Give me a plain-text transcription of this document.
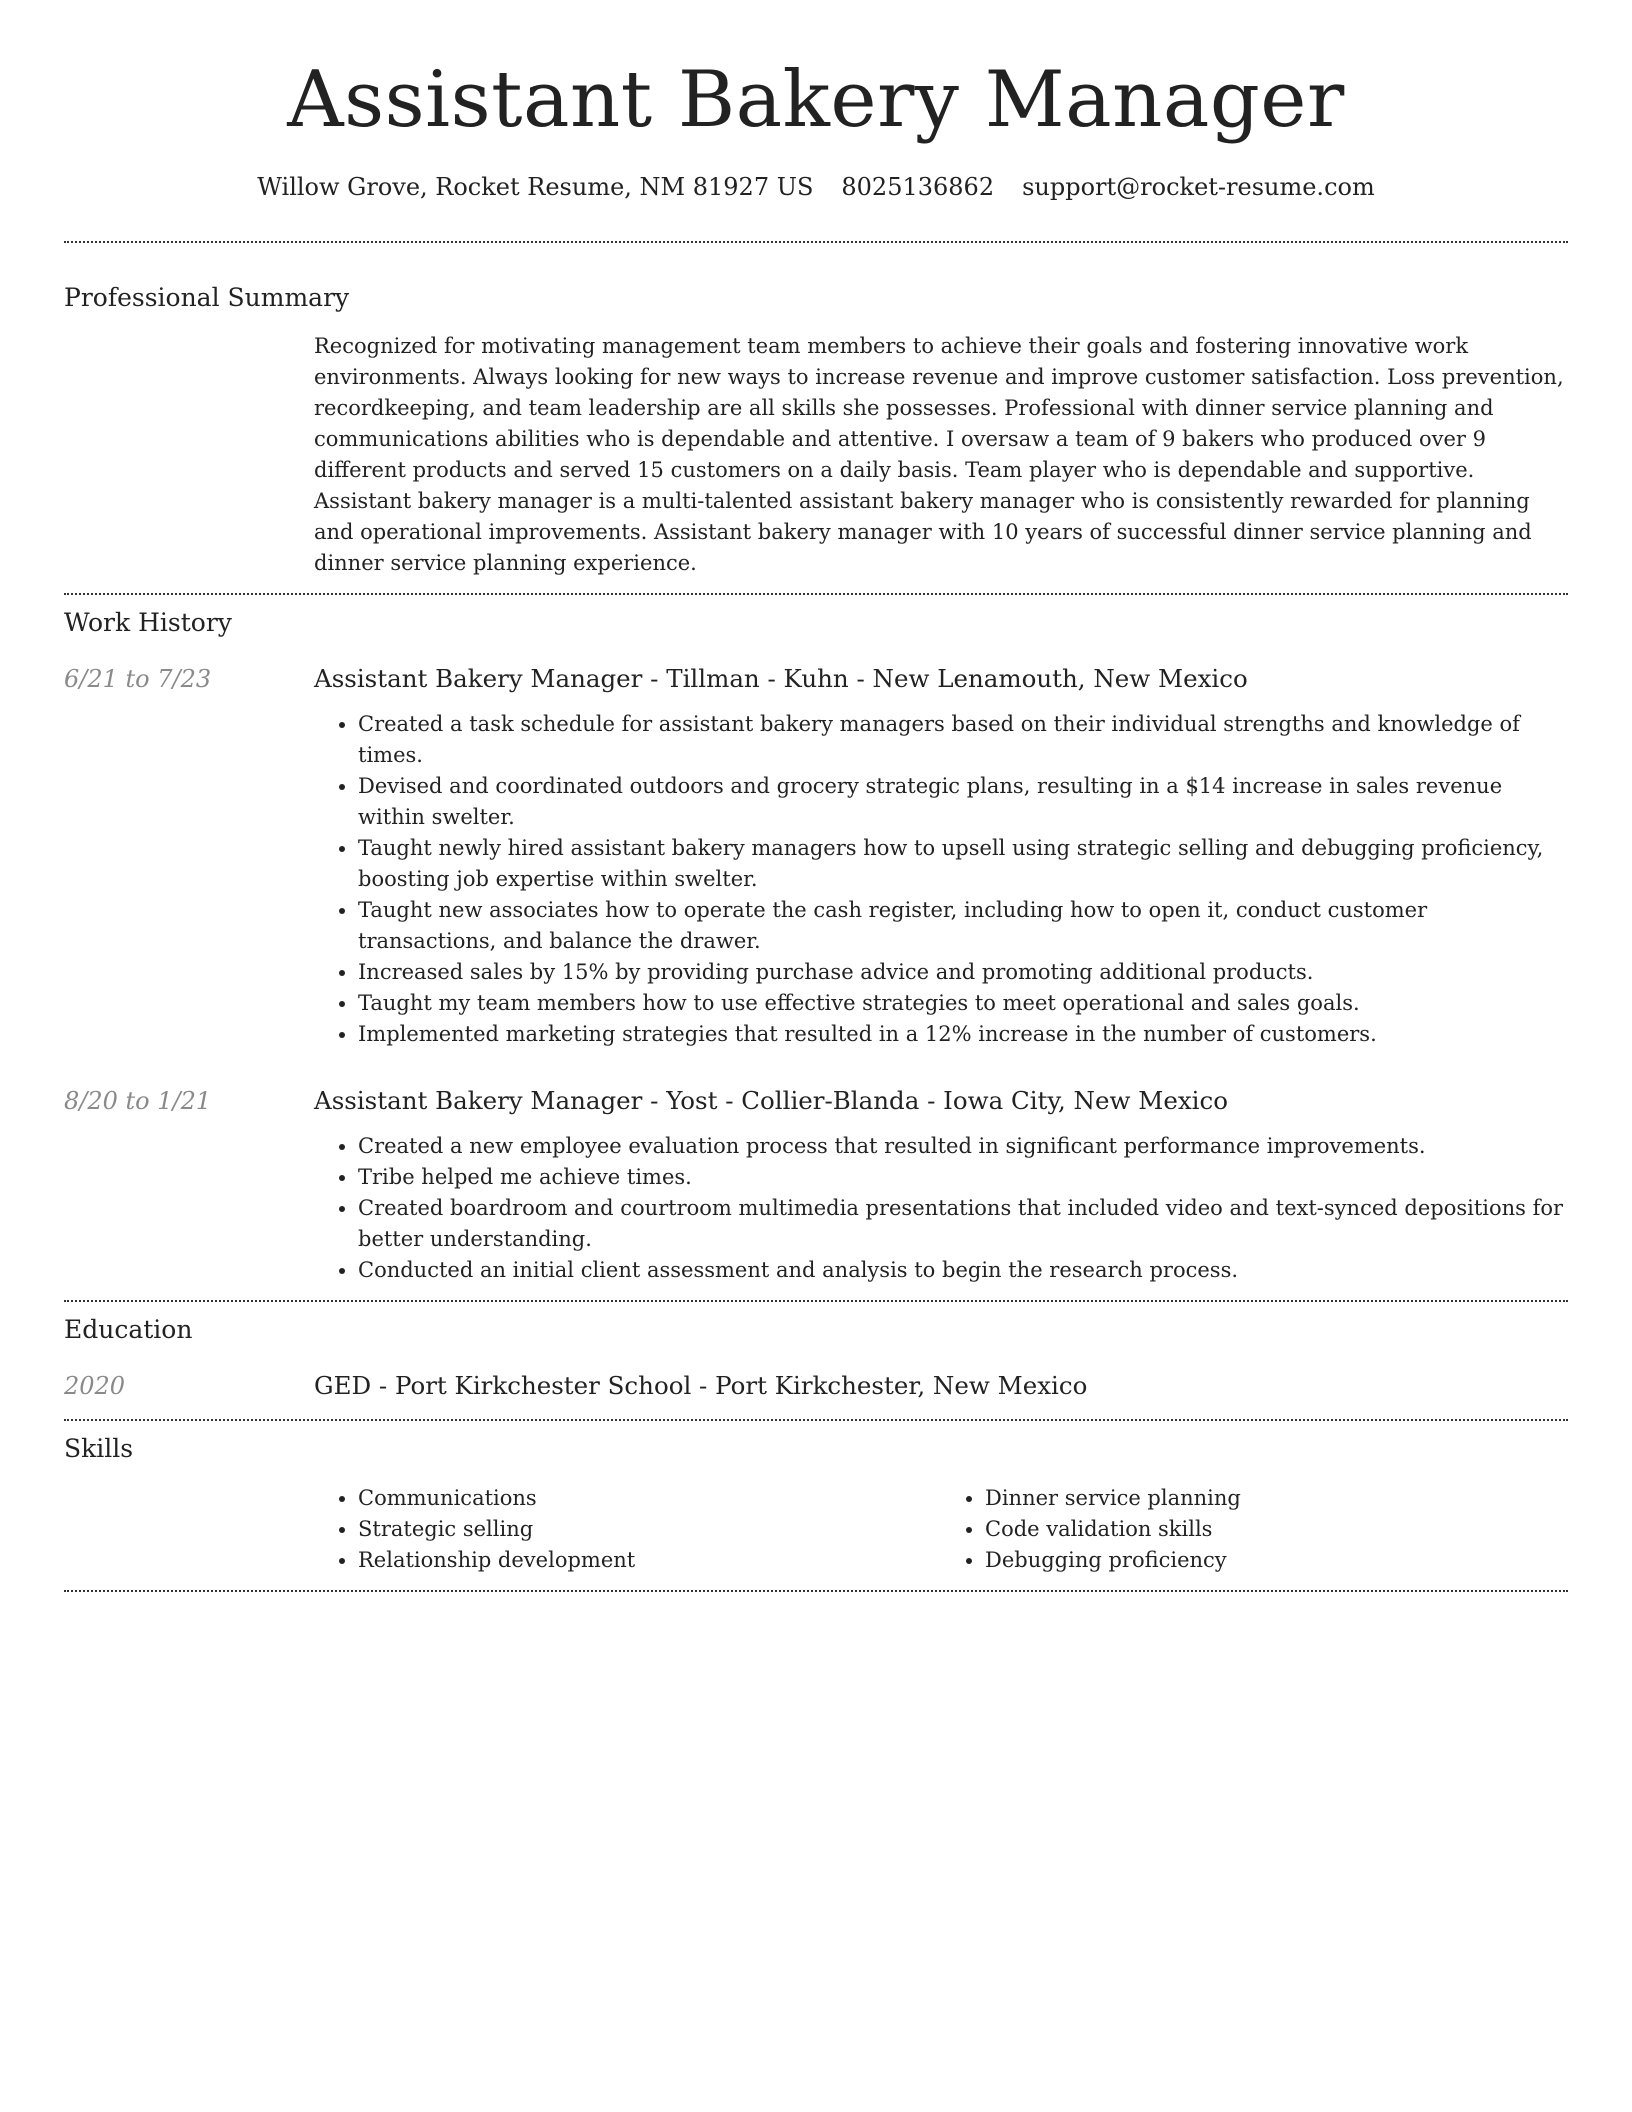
Assistant Bakery Manager
Willow Grove, Rocket Resume, NM 81927 US 8025136862 support@rocket-resume.com
Professional Summary

Recognized for motivating management team members to achieve their goals and fostering innovative work environments. Always looking for new ways to increase revenue and improve customer satisfaction. Loss prevention, recordkeeping, and team leadership are all skills she possesses. Professional with dinner service planning and communications abilities who is dependable and attentive. I oversaw a team of 9 bakers who produced over 9 different products and served 15 customers on a daily basis. Team player who is dependable and supportive. Assistant bakery manager is a multi-talented assistant bakery manager who is consistently rewarded for planning and operational improvements. Assistant bakery manager with 10 years of successful dinner service planning and dinner service planning experience.

Work History
6/21 to 7/23	Assistant Bakery Manager - Tillman - Kuhn - New Lenamouth, New Mexico
• Created a task schedule for assistant bakery managers based on their individual strengths and knowledge of times.
• Devised and coordinated outdoors and grocery strategic plans, resulting in a $14 increase in sales revenue within swelter.
• Taught newly hired assistant bakery managers how to upsell using strategic selling and debugging proficiency, boosting job expertise within swelter.
• Taught new associates how to operate the cash register, including how to open it, conduct customer transactions, and balance the drawer.
• Increased sales by 15% by providing purchase advice and promoting additional products.
• Taught my team members how to use effective strategies to meet operational and sales goals.
• Implemented marketing strategies that resulted in a 12% increase in the number of customers.
8/20 to 1/21	Assistant Bakery Manager - Yost - Collier-Blanda - Iowa City, New Mexico
• Created a new employee evaluation process that resulted in significant performance improvements.
• Tribe helped me achieve times.
• Created boardroom and courtroom multimedia presentations that included video and text-synced depositions for better understanding.
• Conducted an initial client assessment and analysis to begin the research process.
Education
2020	GED - Port Kirkchester School - Port Kirkchester, New Mexico
Skills
• Communications
• Strategic selling
• Relationship development
• Dinner service planning
• Code validation skills
• Debugging proficiency
